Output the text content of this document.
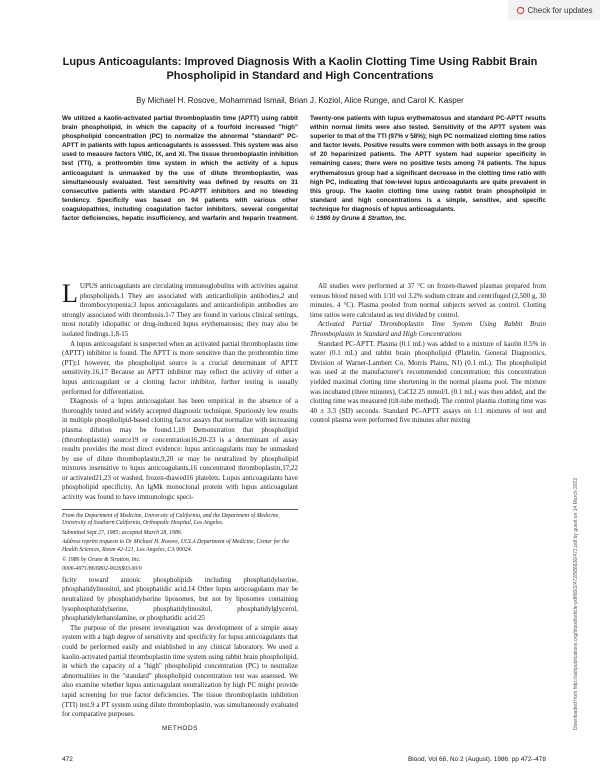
Check for updates
Lupus Anticoagulants: Improved Diagnosis With a Kaolin Clotting Time Using Rabbit Brain Phospholipid in Standard and High Concentrations

By Michael H. Rosove, Mohammad Ismail, Brian J. Koziol, Alice Runge, and Carol K. Kasper

We utilized a kaolin-activated partial thromboplastin time (APTT) using rabbit brain phospholipid, in which the capacity of a fourfold increased "high" phospholipid concentration (PC) to normalize the abnormal "standard" PC-APTT in patients with lupus anticoagulants is assessed. This system was also used to measure factors VIIIC, IX, and XI. The tissue thromboplastin inhibition test (TTI), a prothrombin time system in which the activity of a lupus anticoagulant is unmasked by the use of dilute thromboplastin, was simultaneously evaluated. Test sensitivity was defined by results on 31 consecutive patients with standard PC-APTT inhibitors and no bleeding tendency. Specificity was based on 94 patients with various other coagulopathies, including coagulation factor inhibitors, several congenital factor deficiencies, hepatic insufficiency, and warfarin and heparin treatment. Twenty-one patients with lupus erythematosus and standard PC-APTT results within normal limits were also tested. Sensitivity of the APTT system was superior to that of the TTI (97% v 58%); high PC normalized clotting time ratios and factor levels. Positive results were common with both assays in the group of 20 heparinized patients. The APTT system had superior specificity in remaining cases; there were no positive tests among 74 patients. The lupus erythematosus group had a significant decrease in the clotting time ratio with high PC, indicating that low-level lupus anticoagulants are quite prevalent in this group. The kaolin clotting time using rabbit brain phospholipid in standard and high concentrations is a simple, sensitive, and specific technique for diagnosis of lupus anticoagulants.

© 1986 by Grune & Stratton, Inc.

LUPUS anticoagulants are circulating immunoglobulins with activities against phospholipids.1 They are associated with anticardiolipin antibodies,2 and thrombocytopenia;3 lupus anticoagulants and anticardiolipin antibodies are strongly associated with thrombosis.1-7 They are found in various clinical settings, most notably idiopathic or drug-induced lupus erythematosus; they may also be isolated findings.1,8-15

A lupus anticoagulant is suspected when an activated partial thromboplastin time (APTT) inhibitor is found. The APTT is more sensitive than the prothrombin time (PT);1 however, the phospholipid source is a crucial determinant of APTT sensitivity.16,17 Because an APTT inhibitor may reflect the activity of either a lupus anticoagulant or a clotting factor inhibitor, further testing is usually performed for differentiation.

Diagnosis of a lupus anticoagulant has been empirical in the absence of a thoroughly tested and widely accepted diagnostic technique. Spuriously low results in multiple phospholipid-based clotting factor assays that normalize with increasing plasma dilution may be found.1,18 Demonstration that phospholipid (thromboplastin) source19 or concentration16,20-23 is a determinant of assay results provides the most direct evidence: lupus anticoagulants may be unmasked by use of dilute thromboplastin,9,20 or may be neutralized by phospholipid mixtures insensitive to lupus anticoagulants,16 concentrated thromboplastin,17,22 or activated21,23 or washed, frozen-thawed16 platelets. Lupus anticoagulants have phospholipid specificity. An IgMk monoclonal protein with lupus anticoagulant activity was found to have immunologic speci-

From the Department of Medicine, University of California, and the Department of Medicine, University of Southern California, Orthopedic Hospital, Los Angeles.

Submitted Sept 27, 1985; accepted March 28, 1986.

Address reprint requests to Dr Michael H. Rosove, UCLA Department of Medicine, Center for the Health Sciences, Room 42-121, Los Angeles, CA 90024.

© 1986 by Grune & Stratton, Inc.

0006-4971/86/6802-0026$03.00/0

ficity toward anionic phospholipids including phosphatidylserine, phosphatidylinositol, and phosphatidic acid.14 Other lupus anticoagulants may be neutralized by phosphatidylserine liposomes, but not by liposomes containing lysophosphatidylserine, phosphatidylinositol, phosphatidylglycerol, phosphatidylethanolamine, or phosphatidic acid.25

The purpose of the present investigation was development of a simple assay system with a high degree of sensitivity and specificity for lupus anticoagulants that could be performed easily and established in any clinical laboratory. We used a kaolin-activated partial thromboplastin time system using rabbit brain phospholipid, in which the capacity of a "high" phospholipid concentration (PC) to neutralize abnormalities in the "standard" phospholipid concentration test was assessed. We also examine whether lupus anticoagulant neutralization by high PC might provide rapid screening for true factor deficiencies. The tissue thromboplastin inhibition (TTI) test,9 a PT system using dilute thromboplastin, was simultaneously evaluated for comparative purposes.

METHODS

All studies were performed at 37 °C on frozen-thawed plasmas prepared from venous blood mixed with 1/10 vol 3.2% sodium citrate and centrifuged (2,500 g, 30 minutes, 4 °C). Plasma pooled from normal subjects served as control. Clotting time ratios were calculated as test divided by control.

Activated Partial Thromboplastin Time System Using Rabbit Brain Thromboplastin in Standard and High Concentrations

Standard PC-APTT. Plasma (0.1 mL) was added to a mixture of kaolin 0.5% in water (0.1 mL) and rabbit brain phospholipid (Platelin, General Diagnostics, Division of Warner-Lambert Co, Morris Plains, NJ) (0.1 mL). The phospholipid was used at the manufacturer's recommended concentration; this concentration yielded maximal clotting time shortening in the normal plasma pool. The mixture was incubated (three minutes), CaCl2 25 mmol/L (0.1 mL) was then added, and the clotting time was measured (tilt-tube method). The control plasma clotting time was 40 ± 3.3 (SD) seconds. Standard PC-APTT assays on 1:1 mixtures of test and control plasma were performed five minutes after mixing

Downloaded from http://ashpublications.org/blood/article-pdf/68/2/472/588826/472.pdf by guest on 14 March 2022
472	Blood, Vol 68, No 2 (August), 1986: pp 472–478
